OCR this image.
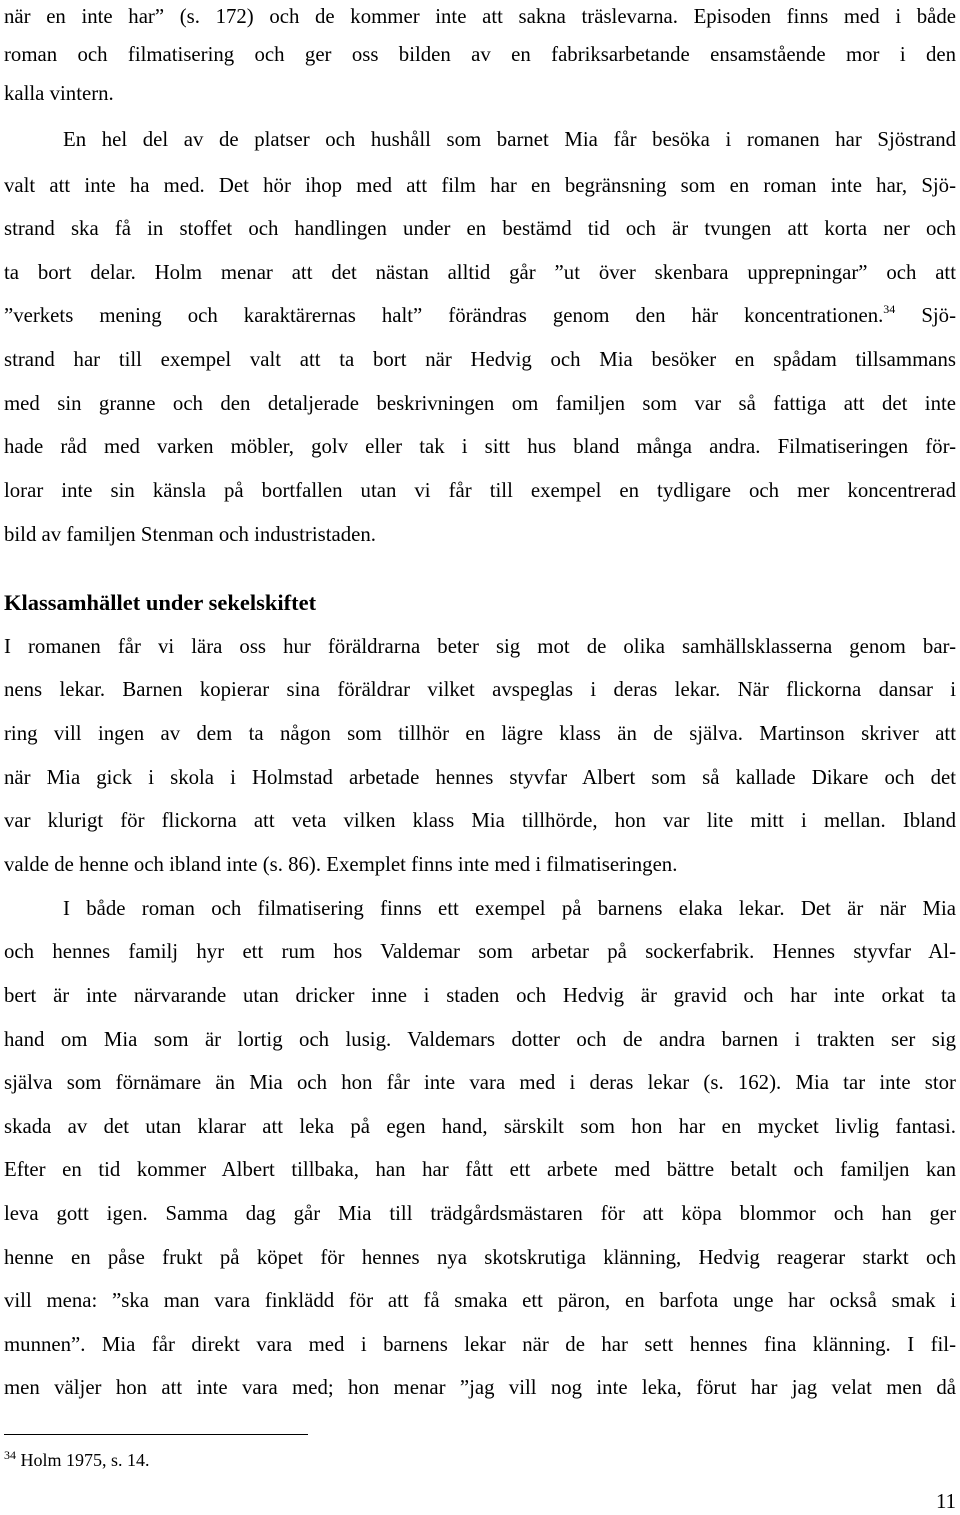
när en inte har” (s. 172) och de kommer inte att sakna träslevarna. Episoden finns med i både
roman och filmatisering och ger oss bilden av en fabriksarbetande ensamstående mor i den
kalla vintern.
En hel del av de platser och hushåll som barnet Mia får besöka i romanen har Sjöstrand
valt att inte ha med. Det hör ihop med att film har en begränsning som en roman inte har, Sjö-
strand ska få in stoffet och handlingen under en bestämd tid och är tvungen att korta ner och
ta bort delar. Holm menar att det nästan alltid går ”ut över skenbara upprepningar” och att
”verkets mening och karaktärernas halt” förändras genom den här koncentrationen.$^{34}$ Sjö-
strand har till exempel valt att ta bort när Hedvig och Mia besöker en spådam tillsammans
med sin granne och den detaljerade beskrivningen om familjen som var så fattiga att det inte
hade råd med varken möbler, golv eller tak i sitt hus bland många andra. Filmatiseringen för-
lorar inte sin känsla på bortfallen utan vi får till exempel en tydligare och mer koncentrerad
bild av familjen Stenman och industristaden.
Klassamhället under sekelskiftet
I romanen får vi lära oss hur föräldrarna beter sig mot de olika samhällsklasserna genom bar-
nens lekar. Barnen kopierar sina föräldrar vilket avspeglas i deras lekar. När flickorna dansar i
ring vill ingen av dem ta någon som tillhör en lägre klass än de själva. Martinson skriver att
när Mia gick i skola i Holmstad arbetade hennes styvfar Albert som så kallade Dikare och det
var klurigt för flickorna att veta vilken klass Mia tillhörde, hon var lite mitt i mellan. Ibland
valde de henne och ibland inte (s. 86). Exemplet finns inte med i filmatiseringen.
I både roman och filmatisering finns ett exempel på barnens elaka lekar. Det är när Mia
och hennes familj hyr ett rum hos Valdemar som arbetar på sockerfabrik. Hennes styvfar Al-
bert är inte närvarande utan dricker inne i staden och Hedvig är gravid och har inte orkat ta
hand om Mia som är lortig och lusig. Valdemars dotter och de andra barnen i trakten ser sig
själva som förnämare än Mia och hon får inte vara med i deras lekar (s. 162). Mia tar inte stor
skada av det utan klarar att leka på egen hand, särskilt som hon har en mycket livlig fantasi.
Efter en tid kommer Albert tillbaka, han har fått ett arbete med bättre betalt och familjen kan
leva gott igen. Samma dag går Mia till trädgårdsmästaren för att köpa blommor och han ger
henne en påse frukt på köpet för hennes nya skotskrutiga klänning, Hedvig reagerar starkt och
vill mena: ”ska man vara finklädd för att få smaka ett päron, en barfota unge har också smak i
munnen”. Mia får direkt vara med i barnens lekar när de har sett hennes fina klänning. I fil-
men väljer hon att inte vara med; hon menar ”jag vill nog inte leka, förut har jag velat men då
$^{34}$ Holm 1975, s. 14.
11
